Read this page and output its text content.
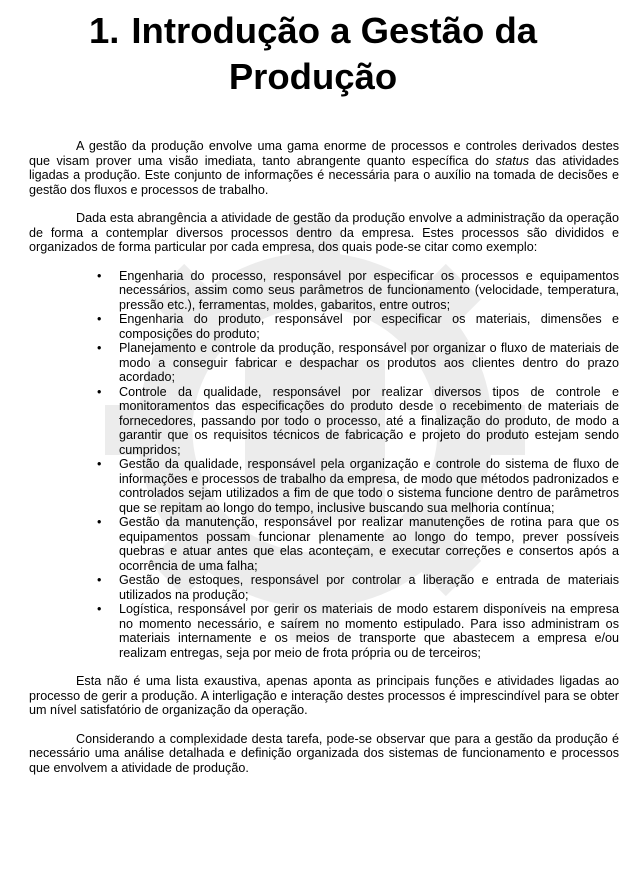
1. Introdução a Gestão da Produção

A gestão da produção envolve uma gama enorme de processos e controles derivados destes que visam prover uma visão imediata, tanto abrangente quanto específica do status das atividades ligadas a produção. Este conjunto de informações é necessária para o auxílio na tomada de decisões e gestão dos fluxos e processos de trabalho.

Dada esta abrangência a atividade de gestão da produção envolve a administração da operação de forma a contemplar diversos processos dentro da empresa. Estes processos são divididos e organizados de forma particular por cada empresa, dos quais pode-se citar como exemplo:

• Engenharia do processo, responsável por especificar os processos e equipamentos necessários, assim como seus parâmetros de funcionamento (velocidade, temperatura, pressão etc.), ferramentas, moldes, gabaritos, entre outros;
• Engenharia do produto, responsável por especificar os materiais, dimensões e composições do produto;
• Planejamento e controle da produção, responsável por organizar o fluxo de materiais de modo a conseguir fabricar e despachar os produtos aos clientes dentro do prazo acordado;
• Controle da qualidade, responsável por realizar diversos tipos de controle e monitoramentos das especificações do produto desde o recebimento de materiais de fornecedores, passando por todo o processo, até a finalização do produto, de modo a garantir que os requisitos técnicos de fabricação e projeto do produto estejam sendo cumpridos;
• Gestão da qualidade, responsável pela organização e controle do sistema de fluxo de informações e processos de trabalho da empresa, de modo que métodos padronizados e controlados sejam utilizados a fim de que todo o sistema funcione dentro de parâmetros que se repitam ao longo do tempo, inclusive buscando sua melhoria contínua;
• Gestão da manutenção, responsável por realizar manutenções de rotina para que os equipamentos possam funcionar plenamente ao longo do tempo, prever possíveis quebras e atuar antes que elas aconteçam, e executar correções e consertos após a ocorrência de uma falha;
• Gestão de estoques, responsável por controlar a liberação e entrada de materiais utilizados na produção;
• Logística, responsável por gerir os materiais de modo estarem disponíveis na empresa no momento necessário, e saírem no momento estipulado. Para isso administram os materiais internamente e os meios de transporte que abastecem a empresa e/ou realizam entregas, seja por meio de frota própria ou de terceiros;

Esta não é uma lista exaustiva, apenas aponta as principais funções e atividades ligadas ao processo de gerir a produção. A interligação e interação destes processos é imprescindível para se obter um nível satisfatório de organização da operação.

Considerando a complexidade desta tarefa, pode-se observar que para a gestão da produção é necessário uma análise detalhada e definição organizada dos sistemas de funcionamento e processos que envolvem a atividade de produção.
